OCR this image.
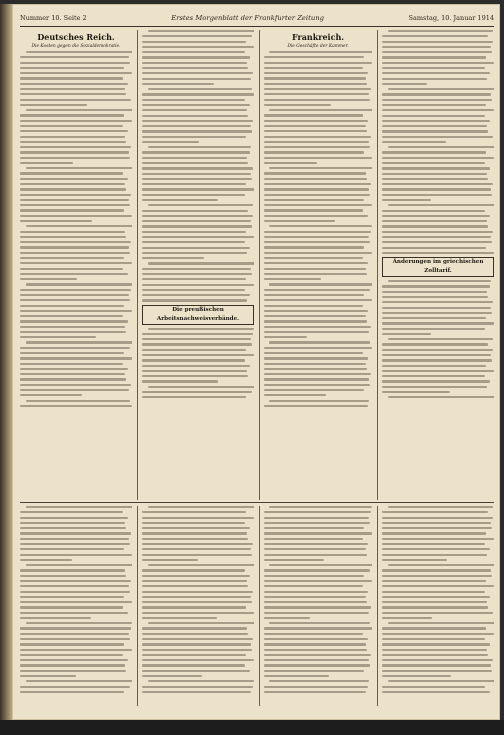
Nummer 10. Seite 2	Erstes Morgenblatt der Frankfurter Zeitung	Samstag, 10. Januar 1914
Deutsches Reich.
Die Kosten gegen die Sozialdemokratie.
Die preußischen Arbeitsnachweisverbände.
Frankreich.
Die Geschäfte der Kammer.
Änderungen im griechischen Zolltarif.
